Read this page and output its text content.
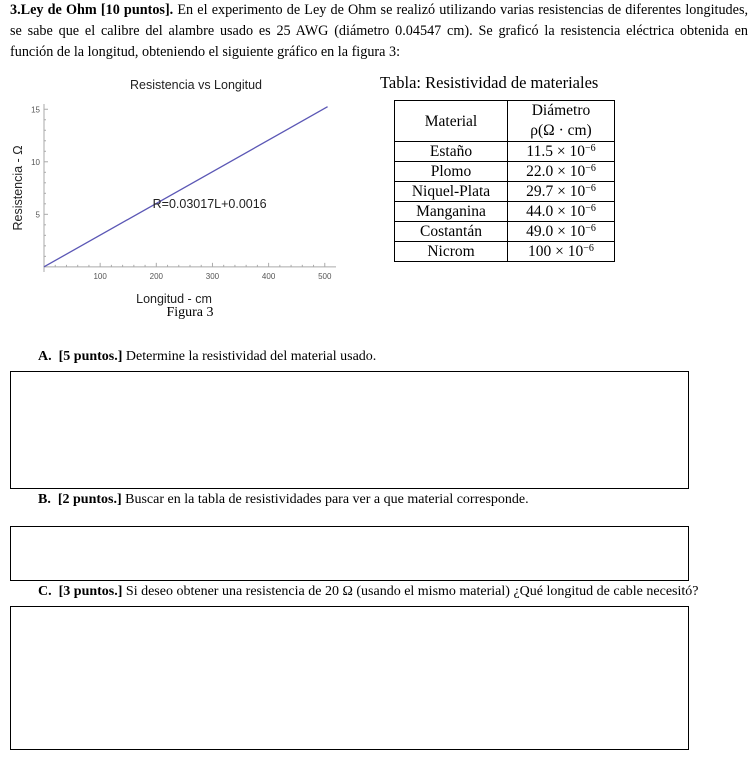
3.Ley de Ohm [10 puntos]. En el experimento de Ley de Ohm se realizó utilizando varias resistencias de diferentes longitudes, se sabe que el calibre del alambre usado es 25 AWG (diámetro 0.04547 cm). Se graficó la resistencia eléctrica obtenida en función de la longitud, obteniendo el siguiente gráfico en la figura 3:
Resistencia vs Longitud
100	200	300	400	500
5
10
15
R=0.03017L+0.0016
Longitud - cm
Resistencia - Ω
Figura 3
Tabla: Resistividad de materiales
Material	Diámetro
ρ(Ω · cm)
Estaño	$11.5 \times 10^{-6}$
Plomo	$22.0 \times 10^{-6}$
Niquel-Plata	$29.7 \times 10^{-6}$
Manganina	$44.0 \times 10^{-6}$
Costantán	$49.0 \times 10^{-6}$
Nicrom	$100 \times 10^{-6}$
A. [5 puntos.] Determine la resistividad del material usado.
B. [2 puntos.] Buscar en la tabla de resistividades para ver a que material corresponde.
C. [3 puntos.] Si deseo obtener una resistencia de 20 Ω (usando el mismo material) ¿Qué longitud de cable necesitó?
